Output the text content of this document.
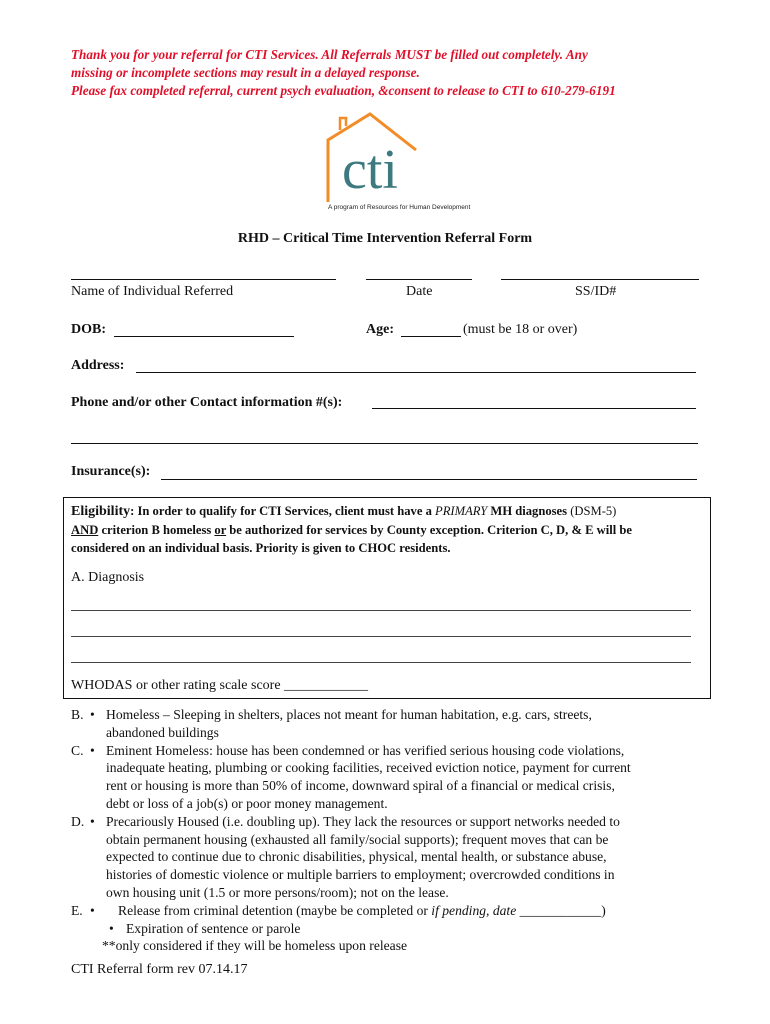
Thank you for your referral for CTI Services. All Referrals MUST be filled out completely. Any
missing or incomplete sections may result in a delayed response.
Please fax completed referral, current psych evaluation, &consent to release to CTI to 610-279-6191
cti
A program of Resources for Human Development
RHD – Critical Time Intervention Referral Form
Name of Individual Referred	Date	SS/ID#
DOB:	Age:	(must be 18 or over)
Address:
Phone and/or other Contact information #(s):
Insurance(s):
Eligibility: In order to qualify for CTI Services, client must have a PRIMARY MH diagnoses (DSM-5)
AND criterion B homeless or be authorized for services by County exception. Criterion C, D, & E will be
considered on an individual basis. Priority is given to CHOC residents.
A. Diagnosis
WHODAS or other rating scale score ____________
B. • Homeless – Sleeping in shelters, places not meant for human habitation, e.g. cars, streets,
abandoned buildings
C. • Eminent Homeless: house has been condemned or has verified serious housing code violations,
inadequate heating, plumbing or cooking facilities, received eviction notice, payment for current
rent or housing is more than 50% of income, downward spiral of a financial or medical crisis,
debt or loss of a job(s) or poor money management.
D. • Precariously Housed (i.e. doubling up). They lack the resources or support networks needed to
obtain permanent housing (exhausted all family/social supports); frequent moves that can be
expected to continue due to chronic disabilities, physical, mental health, or substance abuse,
histories of domestic violence or multiple barriers to employment; overcrowded conditions in
own housing unit (1.5 or more persons/room); not on the lease.
E. •	Release from criminal detention (maybe be completed or if pending, date ____________)
• Expiration of sentence or parole
**only considered if they will be homeless upon release
CTI Referral form rev 07.14.17
